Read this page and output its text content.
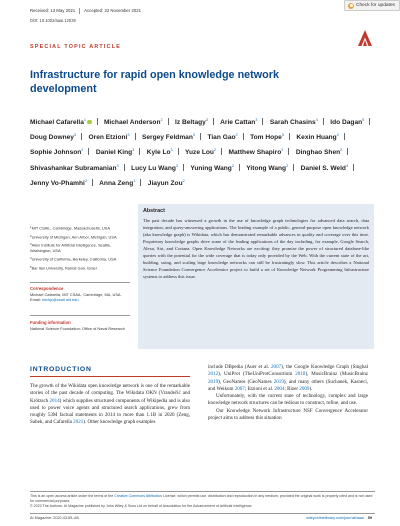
Received: 13 May 2021 Accepted: 22 November 2021
DOI: 10.1002/aaai.12039
Check for updates
SPECIAL TOPIC ARTICLE
Infrastructure for rapid open knowledge network development
Michael Cafarella$^1$	Michael Anderson$^2$ Iz Beltagy$^3$ Arie Cattan$^3$ Sarah Chasins$^4$ Ido Dagan$^5$ Doug Downey$^3$ Oren Etzioni$^3$ Sergey Feldman$^3$ Tian Gao$^2$ Tom Hope$^3$ Kexin Huang$^2$ Sophie Johnson$^2$ Daniel King$^3$ Kyle Lo$^3$ Yuze Lou$^2$ Matthew Shapiro$^2$ Dinghao Shen$^2$ Shivashankar Subramanian$^3$ Lucy Lu Wang$^3$ Yuning Wang$^2$ Yitong Wang$^2$ Daniel S. Weld$^3$ Jenny Vo-Phamhi$^2$ Anna Zeng$^1$ Jiayun Zou$^2$

$^1$MIT CSAIL, Cambridge, Massachusetts, USA

$^2$University of Michigan, Ann Arbor, Michigan, USA

$^3$Allen Institute for Artificial Intelligence, Seattle, Washington, USA

$^4$University of California, Berkeley, California, USA

$^5$Bar Ilan University, Ramat Gan, Israel

Correspondence
Michael Cafarella, MIT CSAIL, Cambridge, MA, USA.
Email: michjc@csail.mit.edu
Funding information
National Science Foundation; Office of Naval Research
Abstract
The past decade has witnessed a growth in the use of knowledge graph technologies for advanced data search, data integration, and query-answering applications. The leading example of a public, general-purpose open knowledge network (aka knowledge graph) is Wikidata, which has demonstrated remarkable advances in quality and coverage over this time. Proprietary knowledge graphs drive some of the leading applications of the day including, for example, Google Search, Alexa, Siri, and Cortana. Open Knowledge Networks are exciting: they promise the power of structured database-like queries with the potential for the wide coverage that is today only provided by the Web. With the current state of the art, building, using, and scaling large knowledge networks can still be frustratingly slow. This article describes a National Science Foundation Convergence Accelerator project to build a set of Knowledge Network Programming Infrastructure systems to address this issue.
INTRODUCTION
The growth of the Wikidata open knowledge network is one of the remarkable stories of the past decade of computing. The Wikidata OKN (Vrandečić and Krötzsch 2014) which supplies structured components of Wikipedia and is also used to power voice agents and structured search applications, grew from roughly 53M factual statements in 2014 to more than 1.1B in 2020 (Zeng, Sabek, and Cafarella 2021). Other knowledge graph examples

include DBpedia (Auer et al. 2007), the Google Knowledge Graph (Singhal 2012), UniProt (TheUniProtConsortium 2018), MusicBrainz (MusicBrainz 2019), GeoNames (GeoNames 2019), and many others (Suchanek, Kasneci, and Weikum 2007; Etzioni et al. 2004; Bizer 2009).

Unfortunately, with the current state of technology, complex and large knowledge network structures can be tedious to construct, refine, and use.

Our Knowledge Network Infrastructure NSF Convergence Accelerator project aims to address this situation

This is an open access article under the terms of the Creative Commons Attribution License, which permits use, distribution and reproduction in any medium, provided the original work is properly cited and is not used for commercial purposes.
© 2022 The Authors. AI Magazine published by John Wiley & Sons Ltd on behalf of Association for the Advancement of Artificial Intelligence.
AI Magazine. 2022;43:59–68.	wileyonlinelibrary.com/journal/aaai 59
